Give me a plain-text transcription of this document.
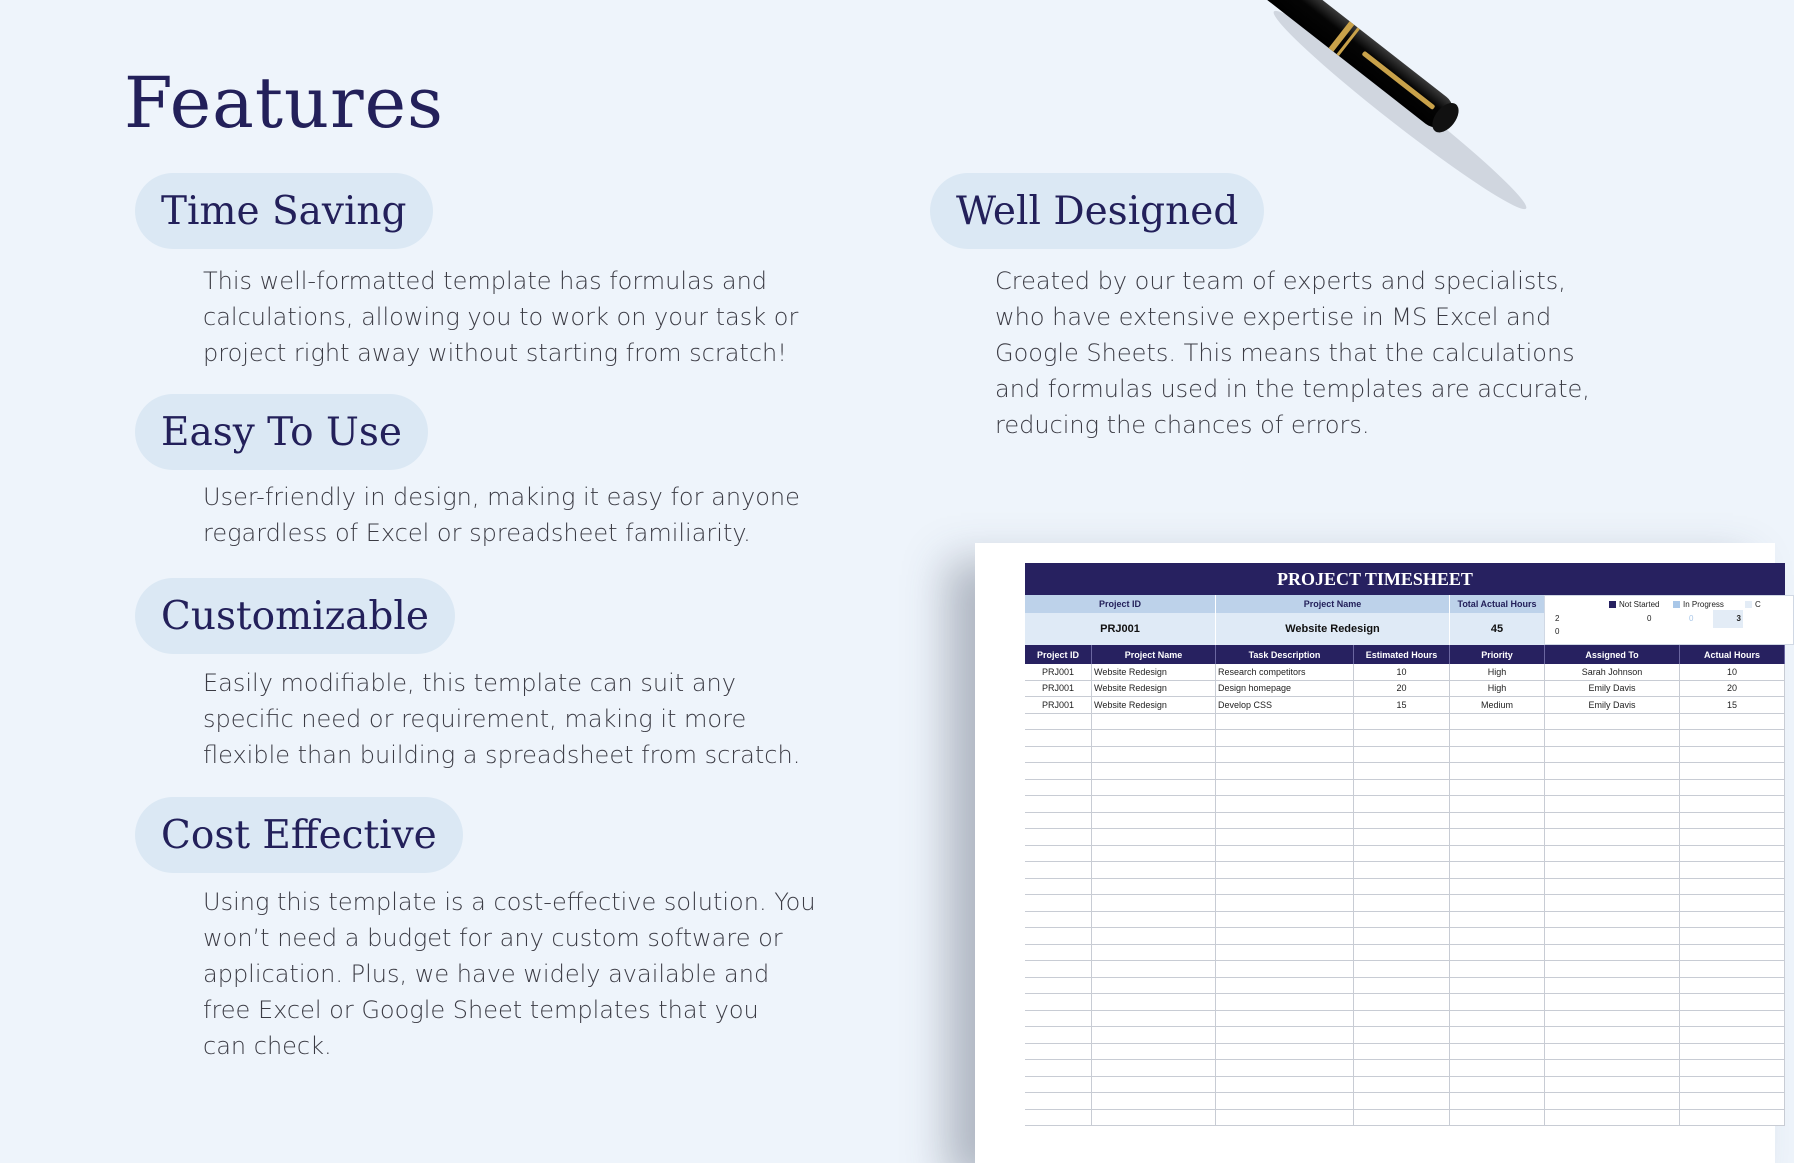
Features
Time Saving
This well-formatted template has formulas and
calculations, allowing you to work on your task or
project right away without starting from scratch!
Easy To Use
User-friendly in design, making it easy for anyone
regardless of Excel or spreadsheet familiarity.
Customizable
Easily modifiable, this template can suit any
specific need or requirement, making it more
flexible than building a spreadsheet from scratch.
Cost Effective
Using this template is a cost-effective solution. You
won’t need a budget for any custom software or
application. Plus, we have widely available and
free Excel or Google Sheet templates that you
can check.
Well Designed
Created by our team of experts and specialists,
who have extensive expertise in MS Excel and
Google Sheets. This means that the calculations
and formulas used in the templates are accurate,
reducing the chances of errors.
PROJECT TIMESHEET
Project ID	Project Name	Total Actual Hours
PRJ001	Website Redesign	45
Not Started	In Progress	C
2
0
0	0	3
Project ID	Project Name	Task Description	Estimated Hours	Priority	Assigned To	Actual Hours
PRJ001	Website Redesign	Research competitors	10	High	Sarah Johnson	10
PRJ001	Website Redesign	Design homepage	20	High	Emily Davis	20
PRJ001	Website Redesign	Develop CSS	15	Medium	Emily Davis	15
